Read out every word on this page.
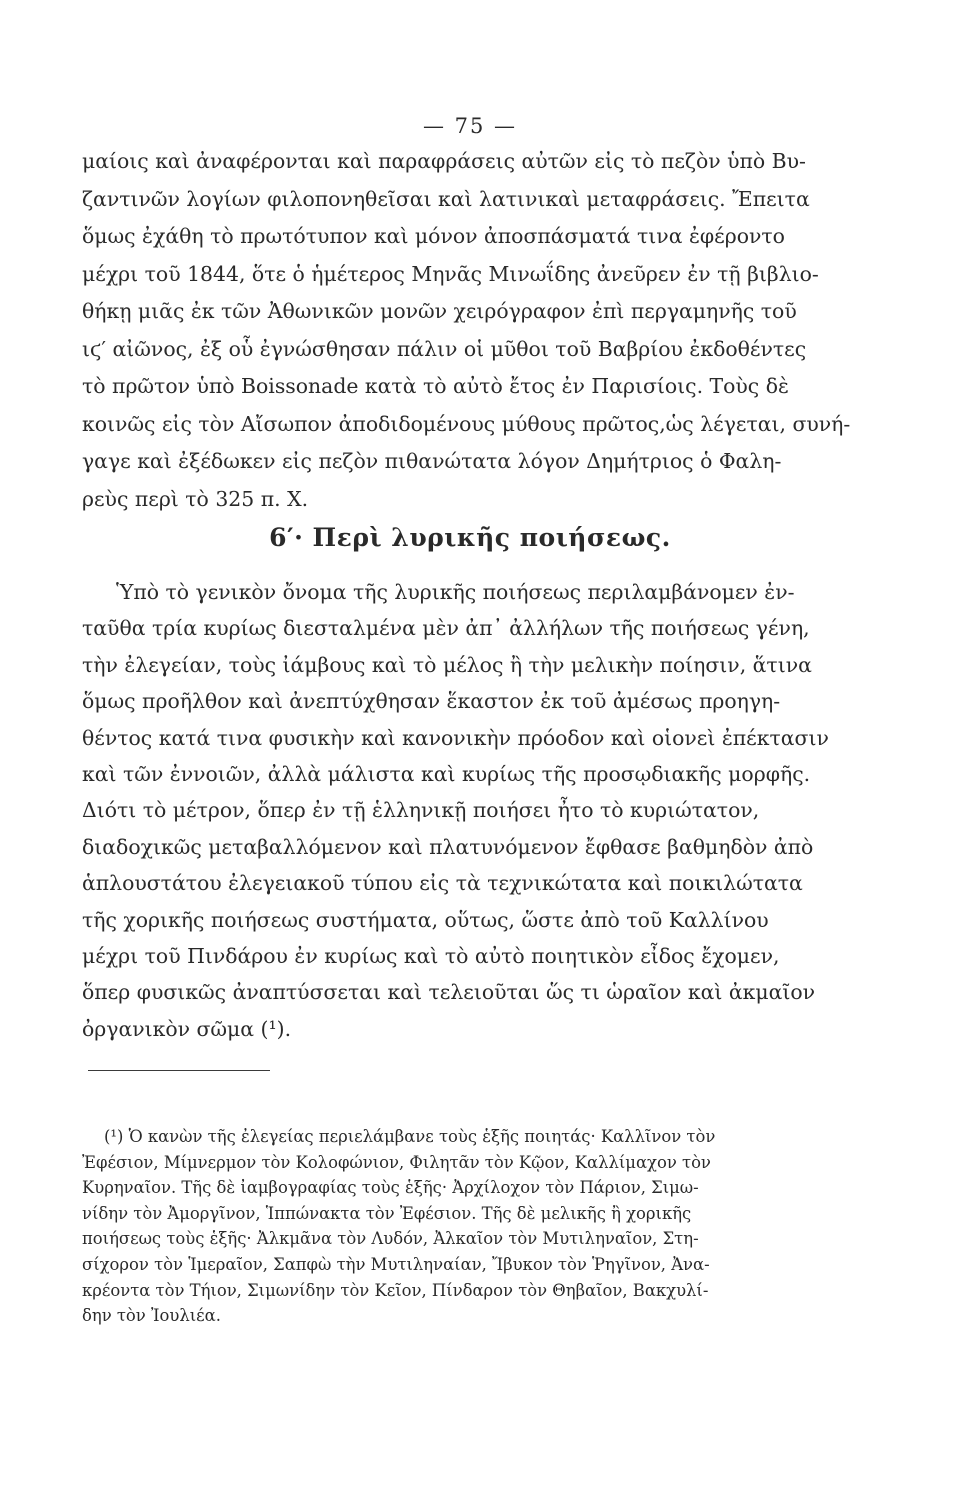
— 75 —
μαίοις καὶ ἀναφέρονται καὶ παραφράσεις αὐτῶν εἰς τὸ πεζὸν ὑπὸ Βυ-
ζαντινῶν λογίων φιλοπονηθεῖσαι καὶ λατινικαὶ μεταφράσεις. Ἔπειτα
ὅμως ἐχάθη τὸ πρωτότυπον καὶ μόνον ἀποσπάσματά τινα ἐφέροντο
μέχρι τοῦ 1844, ὅτε ὁ ἡμέτερος Μηνᾶς Μινωΐδης ἀνεῦρεν ἐν τῇ βιβλιο-
θήκῃ μιᾶς ἐκ τῶν Ἀθωνικῶν μονῶν χειρόγραφον ἐπὶ περγαμηνῆς τοῦ
ιϛ′ αἰῶνος, ἐξ οὗ ἐγνώσθησαν πάλιν οἱ μῦθοι τοῦ Βαβρίου ἐκδοθέντες
τὸ πρῶτον ὑπὸ Boissonade κατὰ τὸ αὐτὸ ἔτος ἐν Παρισίοις. Τοὺς δὲ
κοινῶς εἰς τὸν Αἴσωπον ἀποδιδομένους μύθους πρῶτος,ὡς λέγεται, συνή-
γαγε καὶ ἐξέδωκεν εἰς πεζὸν πιθανώτατα λόγον Δημήτριος ὁ Φαλη-
ρεὺς περὶ τὸ 325 π. Χ.
6′· Περὶ λυρικῆς ποιήσεως.
Ὑπὸ τὸ γενικὸν ὄνομα τῆς λυρικῆς ποιήσεως περιλαμβάνομεν ἐν-
ταῦθα τρία κυρίως διεσταλμένα μὲν ἀπ᾽ ἀλλήλων τῆς ποιήσεως γένη,
τὴν ἐλεγείαν, τοὺς ἰάμβους καὶ τὸ μέλος ἢ τὴν μελικὴν ποίησιν, ἅτινα
ὅμως προῆλθον καὶ ἀνεπτύχθησαν ἕκαστον ἐκ τοῦ ἀμέσως προηγη-
θέντος κατά τινα φυσικὴν καὶ κανονικὴν πρόοδον καὶ οἱονεὶ ἐπέκτασιν
καὶ τῶν ἐννοιῶν, ἀλλὰ μάλιστα καὶ κυρίως τῆς προσῳδιακῆς μορφῆς.
Διότι τὸ μέτρον, ὅπερ ἐν τῇ ἑλληνικῇ ποιήσει ἦτο τὸ κυριώτατον,
διαδοχικῶς μεταβαλλόμενον καὶ πλατυνόμενον ἔφθασε βαθμηδὸν ἀπὸ
ἁπλουστάτου ἐλεγειακοῦ τύπου εἰς τὰ τεχνικώτατα καὶ ποικιλώτατα
τῆς χορικῆς ποιήσεως συστήματα, οὕτως, ὥστε ἀπὸ τοῦ Καλλίνου
μέχρι τοῦ Πινδάρου ἐν κυρίως καὶ τὸ αὐτὸ ποιητικὸν εἶδος ἔχομεν,
ὅπερ φυσικῶς ἀναπτύσσεται καὶ τελειοῦται ὥς τι ὡραῖον καὶ ἀκμαῖον
ὀργανικὸν σῶμα (¹).
(¹) Ὁ κανὼν τῆς ἐλεγείας περιελάμβανε τοὺς ἑξῆς ποιητάς· Καλλῖνον τὸν
Ἐφέσιον, Μίμνερμον τὸν Κολοφώνιον, Φιλητᾶν τὸν Κῷον, Καλλίμαχον τὸν
Κυρηναῖον. Τῆς δὲ ἰαμβογραφίας τοὺς ἑξῆς· Ἀρχίλοχον τὸν Πάριον, Σιμω-
νίδην τὸν Ἀμοργῖνον, Ἱππώνακτα τὸν Ἐφέσιον. Τῆς δὲ μελικῆς ἢ χορικῆς
ποιήσεως τοὺς ἑξῆς· Ἀλκμᾶνα τὸν Λυδόν, Ἀλκαῖον τὸν Μυτιληναῖον, Στη-
σίχορον τὸν Ἱμεραῖον, Σαπφὼ τὴν Μυτιληναίαν, Ἴβυκον τὸν Ῥηγῖνον, Ἀνα-
κρέοντα τὸν Τήιον, Σιμωνίδην τὸν Κεῖον, Πίνδαρον τὸν Θηβαῖον, Βακχυλί-
δην τὸν Ἰουλιέα.
